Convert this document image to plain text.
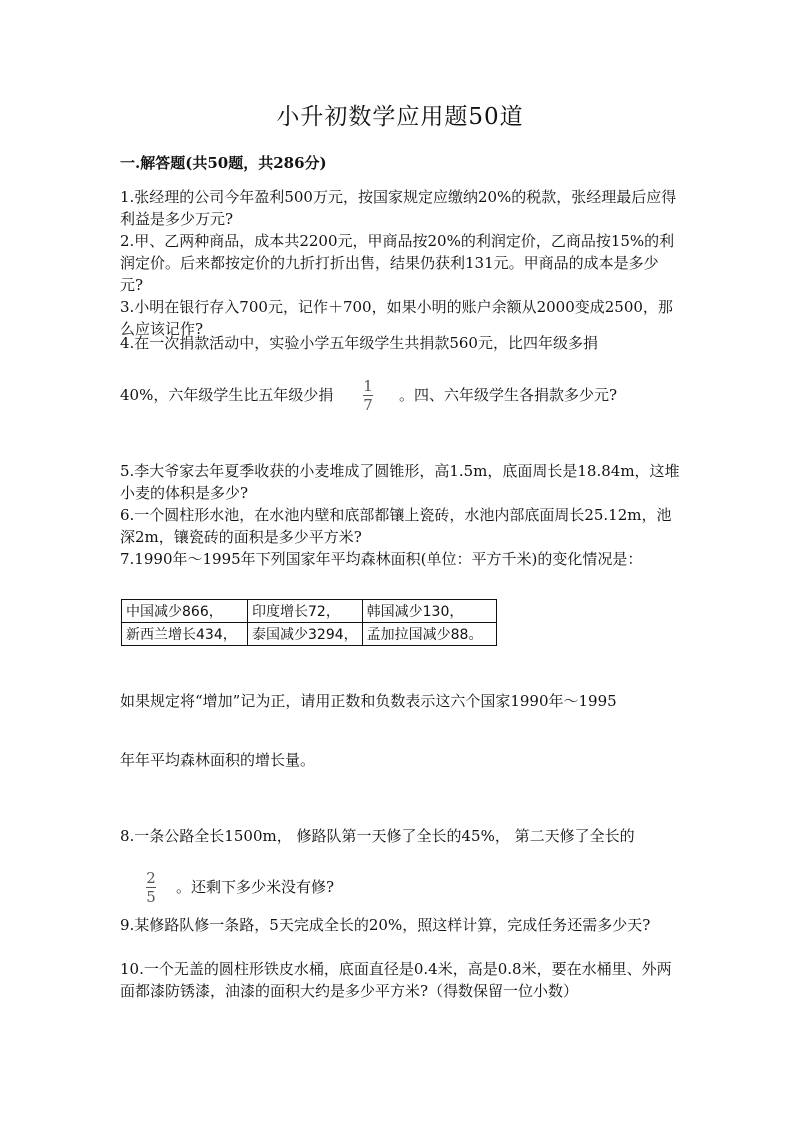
小升初数学应用题50道
一.解答题(共50题，共286分)
1.张经理的公司今年盈利500万元，按国家规定应缴纳20%的税款，张经理最后应得利益是多少万元?
2.甲、乙两种商品，成本共2200元，甲商品按20%的利润定价，乙商品按15%的利润定价。后来都按定价的九折打折出售，结果仍获利131元。甲商品的成本是多少元?
3.小明在银行存入700元，记作＋700，如果小明的账户余额从2000变成2500，那么应该记作?
4.在一次捐款活动中，实验小学五年级学生共捐款560元，比四年级多捐
40%，六年级学生比五年级少捐	1
7
。四、六年级学生各捐款多少元?
5.李大爷家去年夏季收获的小麦堆成了圆锥形，高1.5m，底面周长是18.84m，这堆小麦的体积是多少?
6.一个圆柱形水池，在水池内壁和底部都镶上瓷砖，水池内部底面周长25.12m，池深2m，镶瓷砖的面积是多少平方米?
7.1990年～1995年下列国家年平均森林面积(单位：平方千米)的变化情况是：
中国减少866，	印度增长72，	韩国减少130，
新西兰增长434，	泰国减少3294，	孟加拉国减少88。
如果规定将“增加”记为正，请用正数和负数表示这六个国家1990年～1995
年年平均森林面积的增长量。
8.一条公路全长1500m， 修路队第一天修了全长的45%， 第二天修了全长的
2
5
。还剩下多少米没有修?
9.某修路队修一条路，5天完成全长的20%，照这样计算，完成任务还需多少天?
10.一个无盖的圆柱形铁皮水桶，底面直径是0.4米，高是0.8米，要在水桶里、外两面都漆防锈漆，油漆的面积大约是多少平方米?（得数保留一位小数）
